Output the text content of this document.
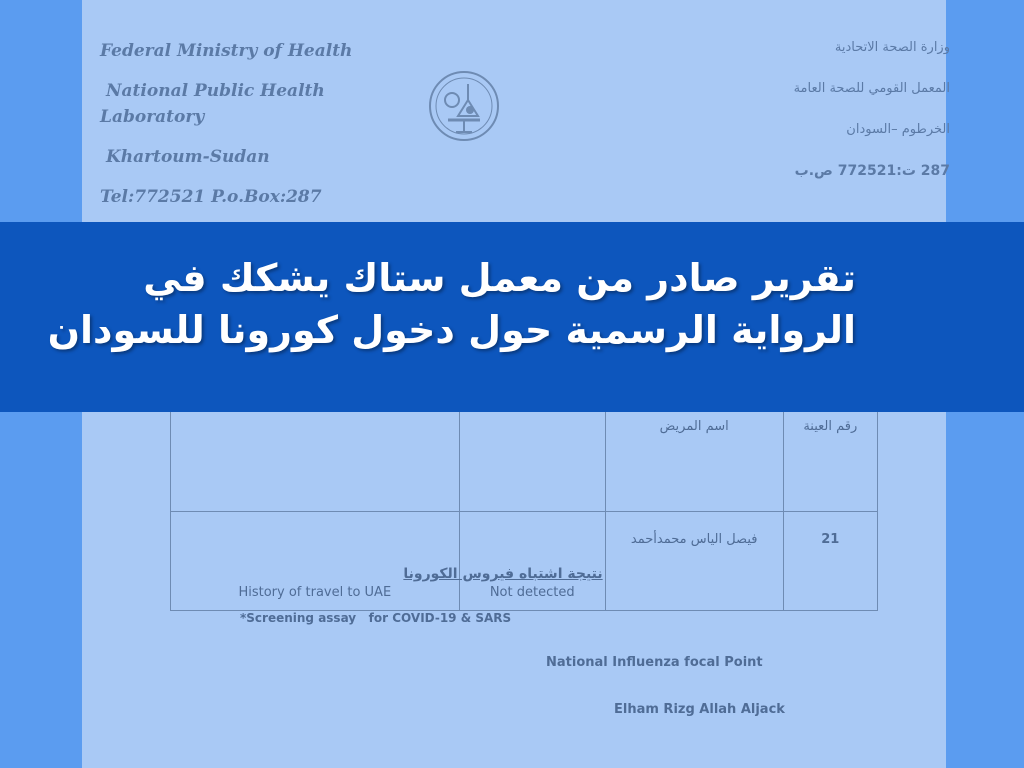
Federal Ministry of Health
National Public Health
Laboratory
Khartoum-Sudan
Tel:772521 P.o.Box:287
وزارة الصحة الاتحادية
المعمل القومي للصحة العامة
الخرطوم –السودان
287 ت:772521 ص.ب
		اسم المريض	رقم العينة
History of travel to UAE	Not detected	فيصل الياس محمدأحمد	21
تقرير صادر من معمل ستاك يشكك في
الرواية الرسمية حول دخول كورونا للسودان
نتيجة اشتباه فيروس الكورونا
*Screening assay   for COVID-19 & SARS
National Influenza focal Point
Elham Rizg Allah Aljack
